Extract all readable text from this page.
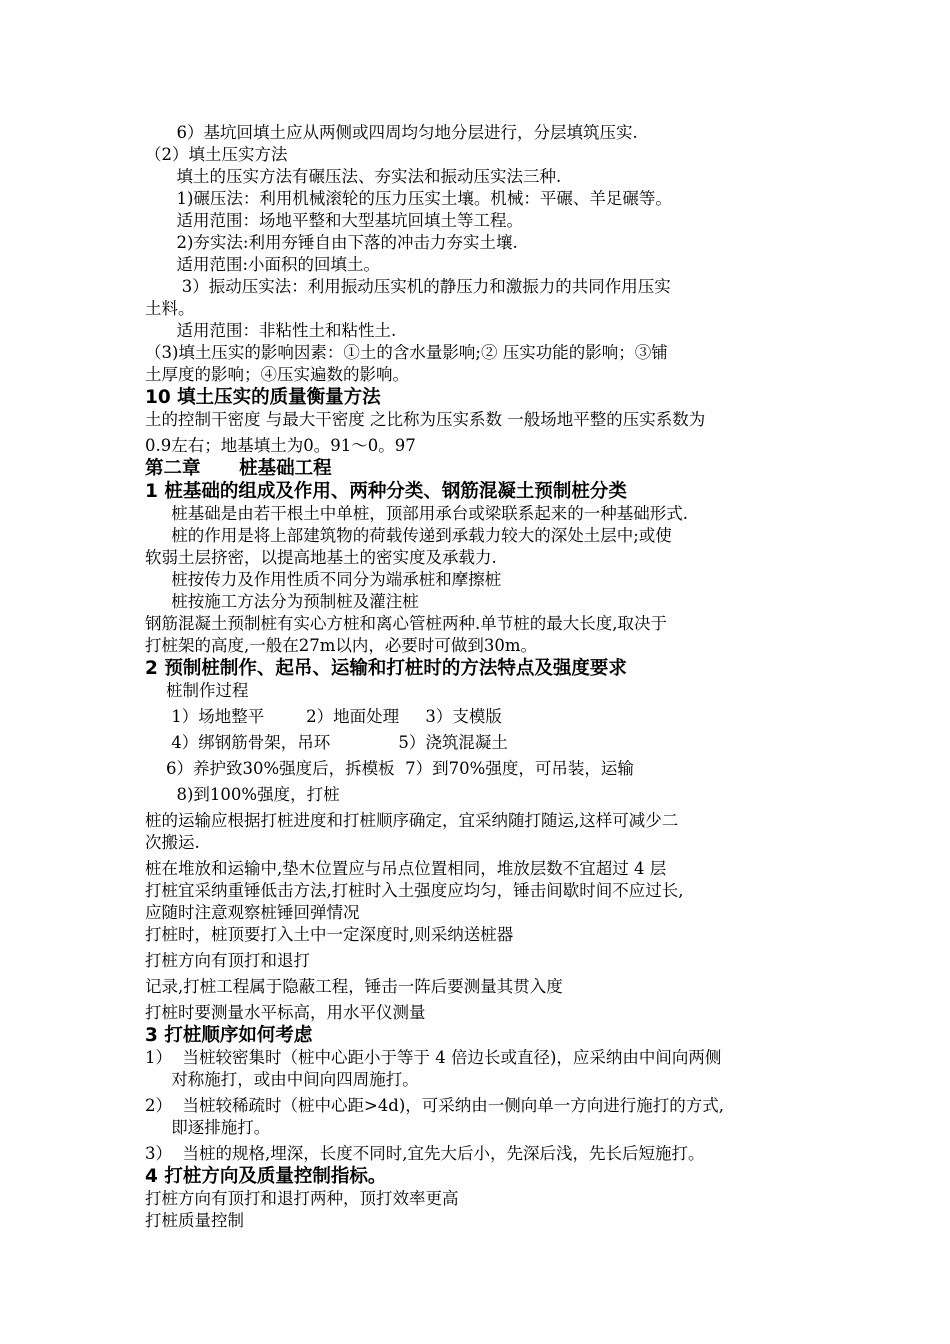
6）基坑回填土应从两侧或四周均匀地分层进行，分层填筑压实.

（2）填土压实方法

填土的压实方法有碾压法、夯实法和振动压实法三种.

1)碾压法：利用机械滚轮的压力压实土壤。机械：平碾、羊足碾等。

适用范围：场地平整和大型基坑回填土等工程。

2)夯实法:利用夯锤自由下落的冲击力夯实土壤.

适用范围:小面积的回填土。

3）振动压实法：利用振动压实机的静压力和激振力的共同作用压实

土料。

适用范围：非粘性土和粘性土.

（3)填土压实的影响因素：①土的含水量影响;② 压实功能的影响；③铺

土厚度的影响；④压实遍数的影响。

10 填土压实的质量衡量方法

土的控制干密度 与最大干密度 之比称为压实系数 一般场地平整的压实系数为

0.9左右；地基填土为0。91～0。97

第二章      桩基础工程

1 桩基础的组成及作用、两种分类、钢筋混凝土预制桩分类

桩基础是由若干根土中单桩，顶部用承台或梁联系起来的一种基础形式.

桩的作用是将上部建筑物的荷载传递到承载力较大的深处土层中;或使

软弱土层挤密，以提高地基土的密实度及承载力.

桩按传力及作用性质不同分为端承桩和摩擦桩

桩按施工方法分为预制桩及灌注桩

钢筋混凝土预制桩有实心方桩和离心管桩两种.单节桩的最大长度,取决于

打桩架的高度,一般在27m以内，必要时可做到30m。

2 预制桩制作、起吊、运输和打桩时的方法特点及强度要求

桩制作过程

1）场地整平        2）地面处理     3）支模版

4）绑钢筋骨架，吊环             5）浇筑混凝土

6）养护致30%强度后，拆模板  7）到70%强度，可吊装，运输

8)到100%强度，打桩

桩的运输应根据打桩进度和打桩顺序确定，宜采纳随打随运,这样可减少二

次搬运.

桩在堆放和运输中,垫木位置应与吊点位置相同，堆放层数不宜超过 4 层

打桩宜采纳重锤低击方法,打桩时入土强度应均匀，锤击间歇时间不应过长,

应随时注意观察桩锤回弹情况

打桩时，桩顶要打入土中一定深度时,则采纳送桩器

打桩方向有顶打和退打

记录,打桩工程属于隐蔽工程，锤击一阵后要测量其贯入度

打桩时要测量水平标高，用水平仪测量

3 打桩顺序如何考虑

1）  当桩较密集时（桩中心距小于等于 4 倍边长或直径)，应采纳由中间向两侧

对称施打，或由中间向四周施打。

2）  当桩较稀疏时（桩中心距>4d)，可采纳由一侧向单一方向进行施打的方式,

即逐排施打。

3）  当桩的规格,埋深，长度不同时,宜先大后小，先深后浅，先长后短施打。

4 打桩方向及质量控制指标。

打桩方向有顶打和退打两种，顶打效率更高

打桩质量控制
